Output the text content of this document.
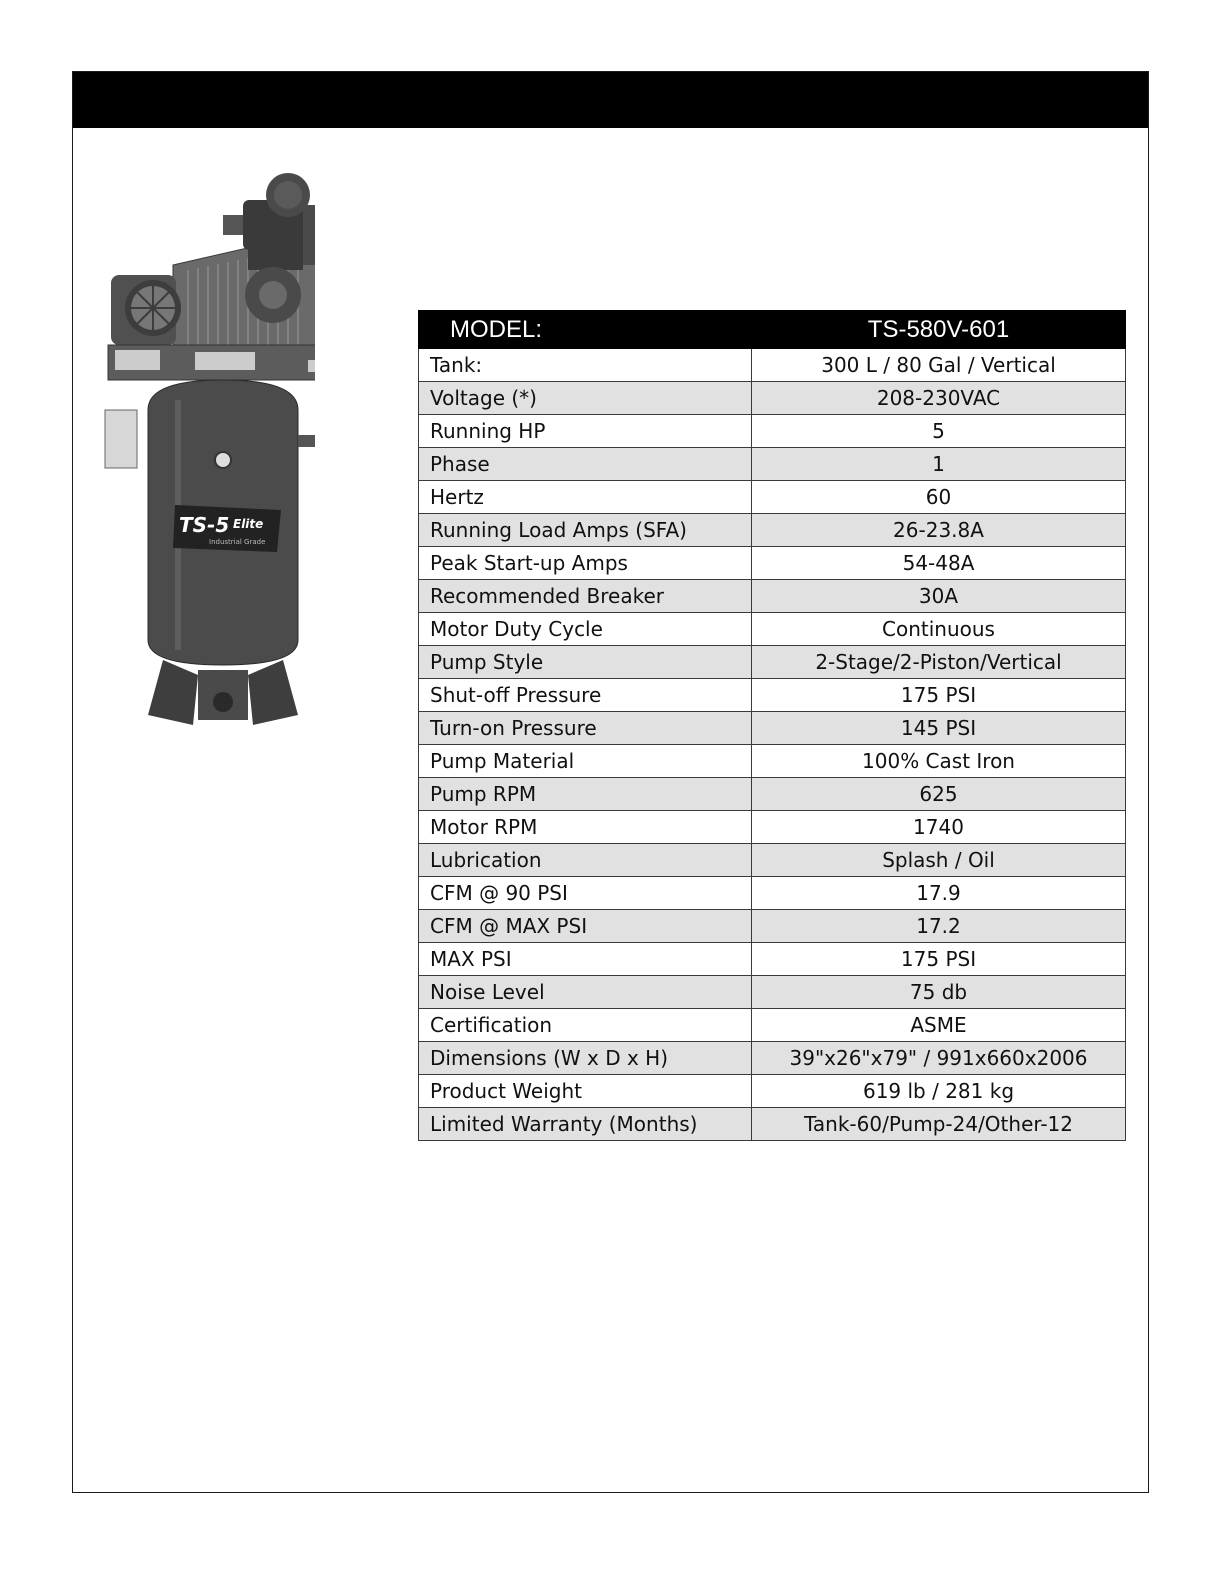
TS-5 Elite
Industrial Grade
MODEL:	TS-580V-601
Tank:	300 L / 80 Gal / Vertical
Voltage (*)	208-230VAC
Running HP	5
Phase	1
Hertz	60
Running Load Amps (SFA)	26-23.8A
Peak Start-up Amps	54-48A
Recommended Breaker	30A
Motor Duty Cycle	Continuous
Pump Style	2-Stage/2-Piston/Vertical
Shut-off Pressure	175 PSI
Turn-on Pressure	145 PSI
Pump Material	100% Cast Iron
Pump RPM	625
Motor RPM	1740
Lubrication	Splash / Oil
CFM @ 90 PSI	17.9
CFM @ MAX PSI	17.2
MAX PSI	175 PSI
Noise Level	75 db
Certification	ASME
Dimensions (W x D x H)	39"x26"x79" / 991x660x2006
Product Weight	619 lb / 281 kg
Limited Warranty (Months)	Tank-60/Pump-24/Other-12
